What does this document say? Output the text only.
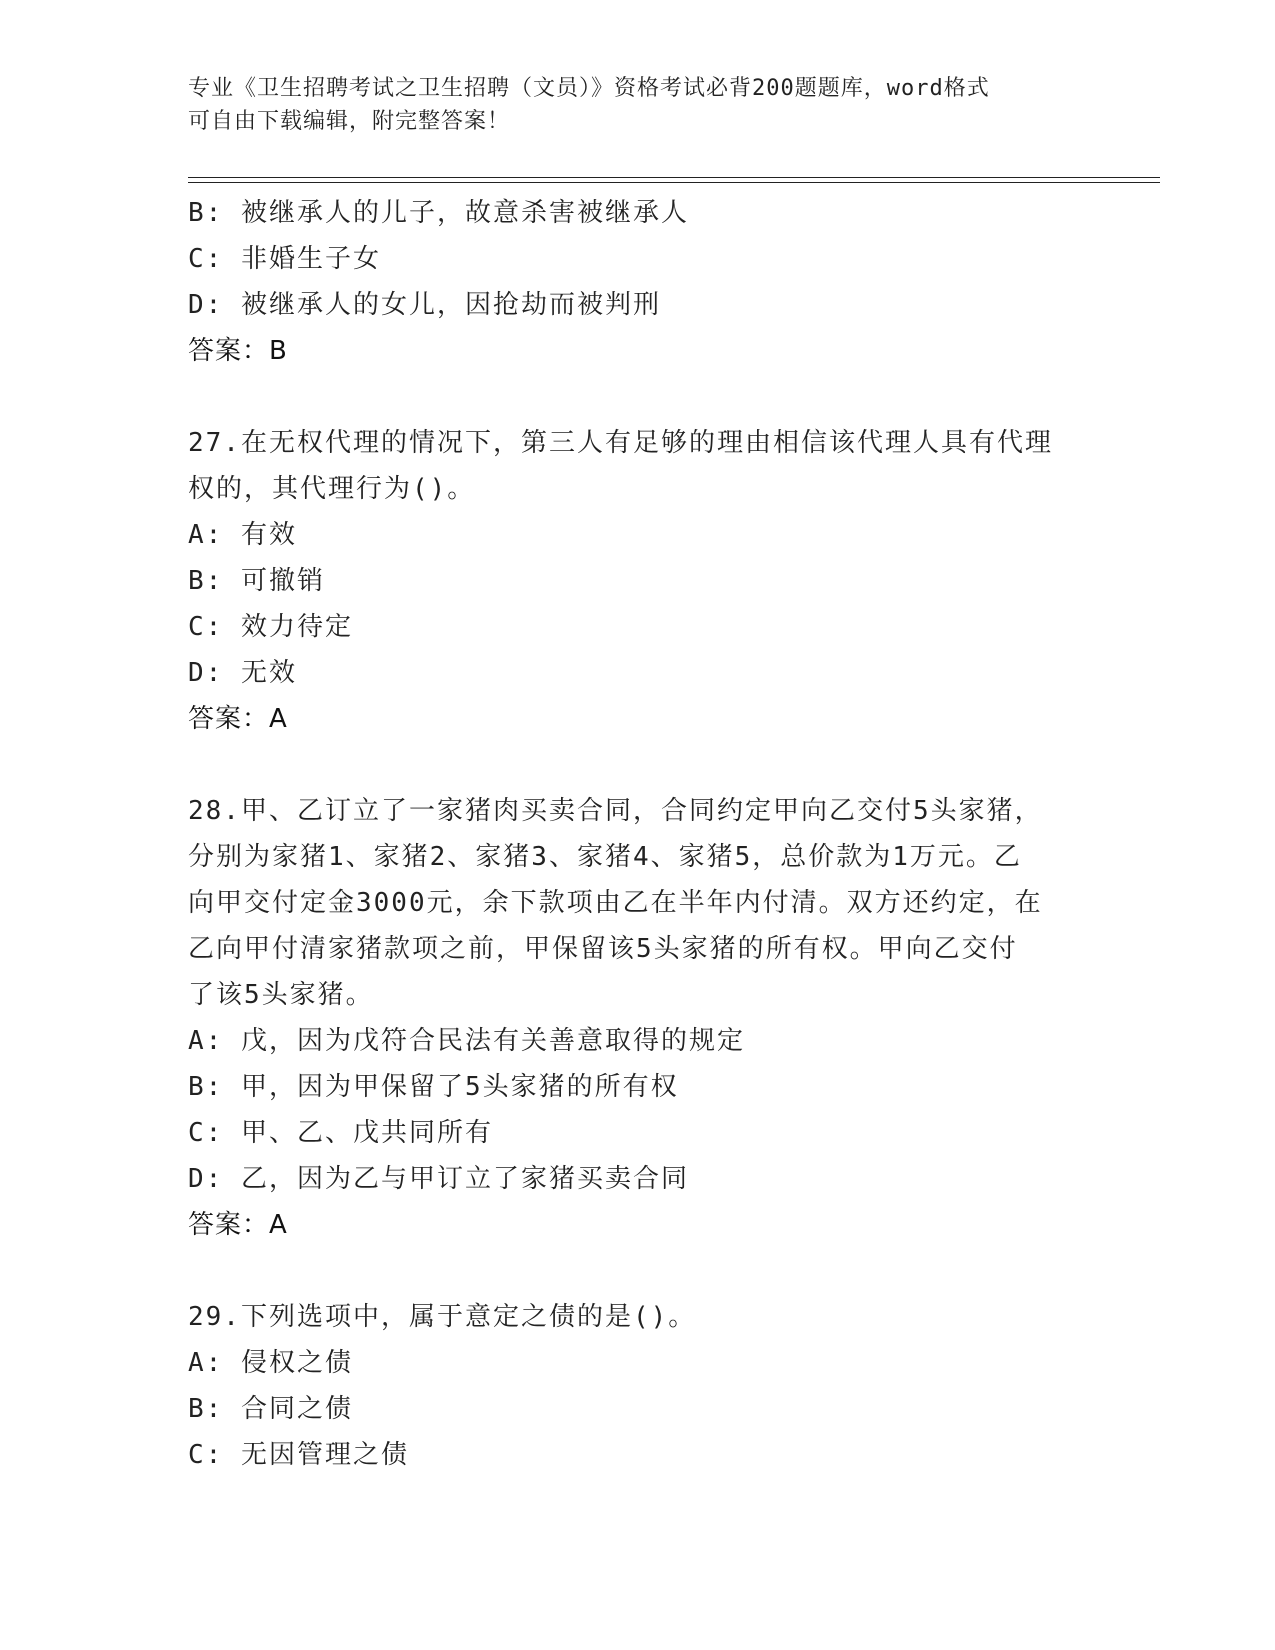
专业《卫生招聘考试之卫生招聘（文员）》资格考试必背200题题库，word格式
可自由下载编辑，附完整答案！
B: 被继承人的儿子，故意杀害被继承人
C: 非婚生子女
D: 被继承人的女儿，因抢劫而被判刑
答案：B
27.在无权代理的情况下，第三人有足够的理由相信该代理人具有代理
权的，其代理行为()。
A: 有效
B: 可撤销
C: 效力待定
D: 无效
答案：A
28.甲、乙订立了一家猪肉买卖合同，合同约定甲向乙交付5头家猪，
分别为家猪1、家猪2、家猪3、家猪4、家猪5，总价款为1万元。乙
向甲交付定金3000元，余下款项由乙在半年内付清。双方还约定，在
乙向甲付清家猪款项之前，甲保留该5头家猪的所有权。甲向乙交付
了该5头家猪。
A: 戊，因为戊符合民法有关善意取得的规定
B: 甲，因为甲保留了5头家猪的所有权
C: 甲、乙、戊共同所有
D: 乙，因为乙与甲订立了家猪买卖合同
答案：A
29.下列选项中，属于意定之债的是()。
A: 侵权之债
B: 合同之债
C: 无因管理之债
